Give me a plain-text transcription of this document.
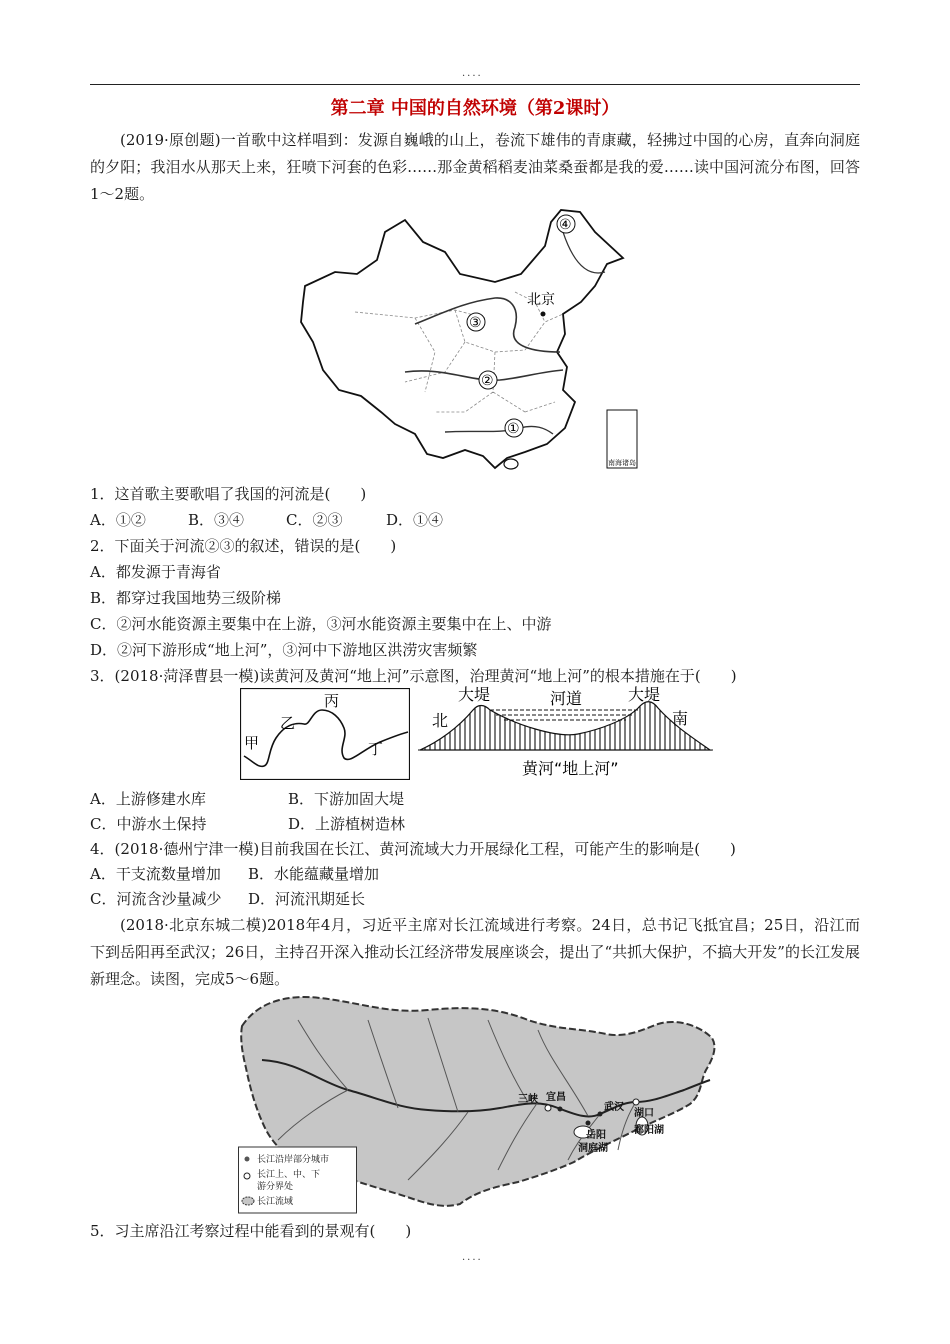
....
第二章 中国的自然环境（第2课时）
(2019·原创题)一首歌中这样唱到：发源自巍峨的山上，卷流下雄伟的青康藏，轻拂过中国的心房，直奔向洞庭的夕阳；我泪水从那天上来，狂喷下河套的色彩……那金黄稻稻麦油菜桑蚕都是我的爱……读中国河流分布图，回答1～2题。
北京
③
②
①
④
南海诸岛
1．这首歌主要歌唱了我国的河流是(　　)
A．①②	B．③④	C．②③	D．①④
2．下面关于河流②③的叙述，错误的是(　　)
A．都发源于青海省
B．都穿过我国地势三级阶梯
C．②河水能资源主要集中在上游，③河水能资源主要集中在上、中游
D．②河下游形成“地上河”，③河中下游地区洪涝灾害频繁
3．(2018·菏泽曹县一模)读黄河及黄河“地上河”示意图，治理黄河“地上河”的根本措施在于(　　)
甲
乙
丙
丁
大堤	河道	大堤
北	南
黄河“地上河”
A．上游修建水库	B．下游加固大堤
C．中游水土保持	D．上游植树造林
4．(2018·德州宁津一模)目前我国在长江、黄河流域大力开展绿化工程，可能产生的影响是(　　)
A．干支流数量增加 B．水能蕴藏量增加
C．河流含沙量减少 D．河流汛期延长
(2018·北京东城二模)2018年4月，习近平主席对长江流域进行考察。24日，总书记飞抵宜昌；25日，沿江而下到岳阳再至武汉；26日，主持召开深入推动长江经济带发展座谈会，提出了“共抓大保护，不搞大开发”的长江发展新理念。读图，完成5～6题。
三峡 宜昌
武汉
岳阳
洞庭湖
湖口
鄱阳湖
长江沿岸部分城市
长江上、中、下
游分界处
长江流域
5．习主席沿江考察过程中能看到的景观有(　　)
....
